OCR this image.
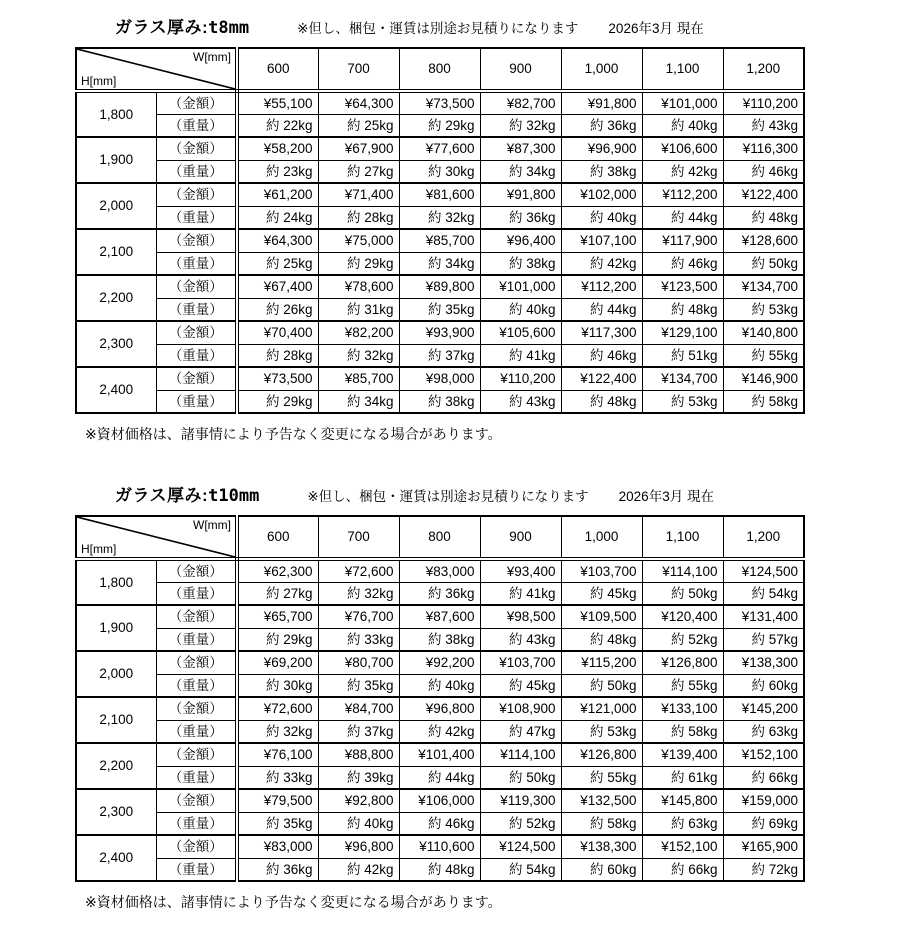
ガラス厚み: t8mm	※但し、梱包・運賃は別途お見積りになります 2026年3月 現在
W[mm]
H[mm]		600	700	800	900	1,000	1,100	1,200
1,800	（金額）	¥55,100	¥64,300	¥73,500	¥82,700	¥91,800	¥101,000	¥110,200
	（重量）	約 22kg	約 25kg	約 29kg	約 32kg	約 36kg	約 40kg	約 43kg
1,900	（金額）	¥58,200	¥67,900	¥77,600	¥87,300	¥96,900	¥106,600	¥116,300
	（重量）	約 23kg	約 27kg	約 30kg	約 34kg	約 38kg	約 42kg	約 46kg
2,000	（金額）	¥61,200	¥71,400	¥81,600	¥91,800	¥102,000	¥112,200	¥122,400
	（重量）	約 24kg	約 28kg	約 32kg	約 36kg	約 40kg	約 44kg	約 48kg
2,100	（金額）	¥64,300	¥75,000	¥85,700	¥96,400	¥107,100	¥117,900	¥128,600
	（重量）	約 25kg	約 29kg	約 34kg	約 38kg	約 42kg	約 46kg	約 50kg
2,200	（金額）	¥67,400	¥78,600	¥89,800	¥101,000	¥112,200	¥123,500	¥134,700
	（重量）	約 26kg	約 31kg	約 35kg	約 40kg	約 44kg	約 48kg	約 53kg
2,300	（金額）	¥70,400	¥82,200	¥93,900	¥105,600	¥117,300	¥129,100	¥140,800
	（重量）	約 28kg	約 32kg	約 37kg	約 41kg	約 46kg	約 51kg	約 55kg
2,400	（金額）	¥73,500	¥85,700	¥98,000	¥110,200	¥122,400	¥134,700	¥146,900
	（重量）	約 29kg	約 34kg	約 38kg	約 43kg	約 48kg	約 53kg	約 58kg
※資材価格は、諸事情により予告なく変更になる場合があります。
ガラス厚み: t10mm	※但し、梱包・運賃は別途お見積りになります 2026年3月 現在
W[mm]
H[mm]		600	700	800	900	1,000	1,100	1,200
1,800	（金額）	¥62,300	¥72,600	¥83,000	¥93,400	¥103,700	¥114,100	¥124,500
	（重量）	約 27kg	約 32kg	約 36kg	約 41kg	約 45kg	約 50kg	約 54kg
1,900	（金額）	¥65,700	¥76,700	¥87,600	¥98,500	¥109,500	¥120,400	¥131,400
	（重量）	約 29kg	約 33kg	約 38kg	約 43kg	約 48kg	約 52kg	約 57kg
2,000	（金額）	¥69,200	¥80,700	¥92,200	¥103,700	¥115,200	¥126,800	¥138,300
	（重量）	約 30kg	約 35kg	約 40kg	約 45kg	約 50kg	約 55kg	約 60kg
2,100	（金額）	¥72,600	¥84,700	¥96,800	¥108,900	¥121,000	¥133,100	¥145,200
	（重量）	約 32kg	約 37kg	約 42kg	約 47kg	約 53kg	約 58kg	約 63kg
2,200	（金額）	¥76,100	¥88,800	¥101,400	¥114,100	¥126,800	¥139,400	¥152,100
	（重量）	約 33kg	約 39kg	約 44kg	約 50kg	約 55kg	約 61kg	約 66kg
2,300	（金額）	¥79,500	¥92,800	¥106,000	¥119,300	¥132,500	¥145,800	¥159,000
	（重量）	約 35kg	約 40kg	約 46kg	約 52kg	約 58kg	約 63kg	約 69kg
2,400	（金額）	¥83,000	¥96,800	¥110,600	¥124,500	¥138,300	¥152,100	¥165,900
	（重量）	約 36kg	約 42kg	約 48kg	約 54kg	約 60kg	約 66kg	約 72kg
※資材価格は、諸事情により予告なく変更になる場合があります。
